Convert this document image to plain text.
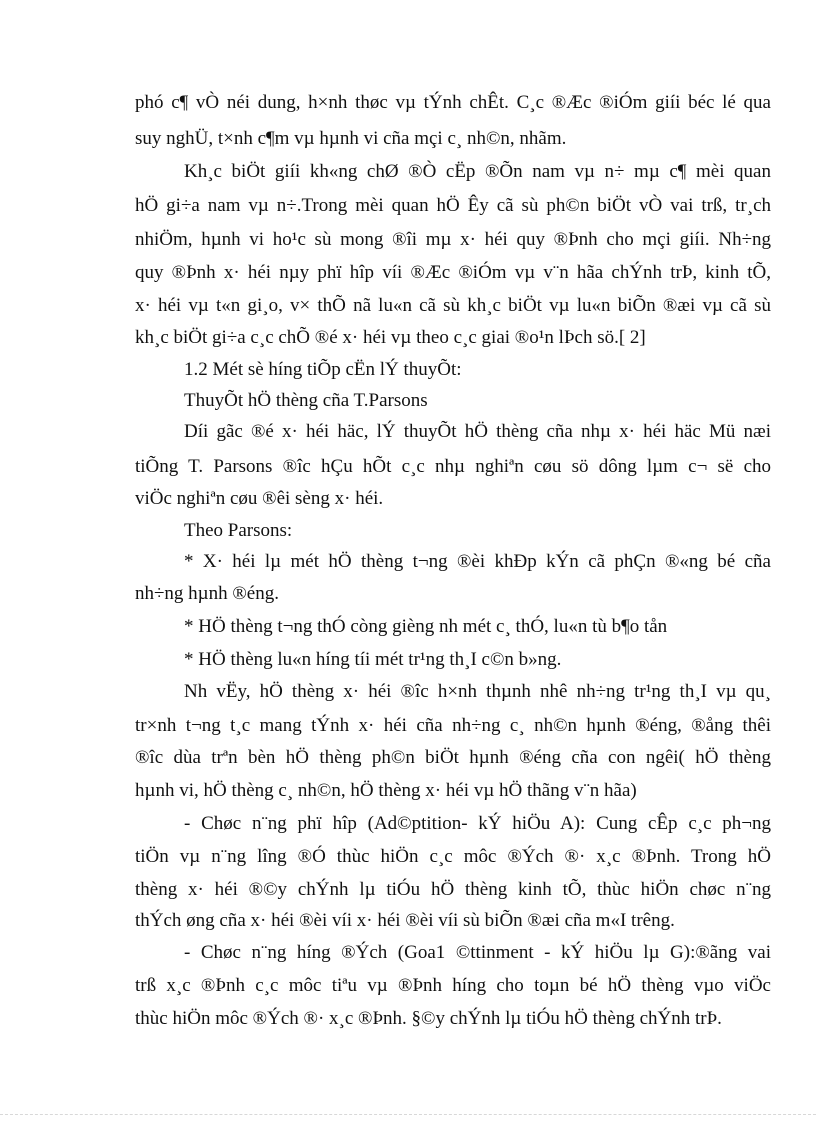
phó c¶ vÒ néi dung, h×nh thøc vµ tÝnh chÊt. C¸c ®Æc ®iÓm giíi béc lé qua
suy nghÜ, t×nh c¶m vµ hµnh vi cña mçi c¸ nh©n, nhãm.
Kh¸c biÖt giíi kh«ng chØ ®Ò cËp ®Õn nam vµ n÷ mµ c¶ mèi quan
hÖ gi÷a nam vµ n÷.Trong mèi quan hÖ Êy cã sù ph©n biÖt vÒ vai trß, tr¸ch
nhiÖm, hµnh vi ho¹c sù mong ®îi mµ x· héi quy ®Þnh cho mçi giíi. Nh÷ng
quy ®Þnh x· héi nµy phï hîp víi ®Æc ®iÓm vµ v¨n hãa chÝnh trÞ, kinh tÕ,
x· héi vµ t«n gi¸o, v× thÕ nã lu«n cã sù kh¸c biÖt vµ lu«n biÕn ®æi vµ cã sù
kh¸c biÖt gi÷a c¸c chÕ ®é x· héi vµ theo c¸c giai ®o¹n lÞch sö.[ 2]
1.2 Mét sè híng tiÕp cËn lÝ thuyÕt:
ThuyÕt hÖ thèng cña T.Parsons
Díi gãc ®é x· héi häc, lÝ thuyÕt hÖ thèng cña nhµ x· héi häc Mü næi
tiÕng T. Parsons ®îc hÇu hÕt c¸c nhµ nghiªn cøu sö dông lµm c¬ së cho
viÖc nghiªn cøu ®êi sèng x· héi.
Theo Parsons:
* X· héi lµ mét hÖ thèng t¬ng ®èi khÐp kÝn cã phÇn ®«ng bé cña
nh÷ng hµnh ®éng.
* HÖ thèng t¬ng thÓ còng gièng nh mét c¸ thÓ, lu«n tù b¶o tån
* HÖ thèng lu«n híng tíi mét tr¹ng th¸I c©n b»ng.
Nh vËy, hÖ thèng x· héi ®îc h×nh thµnh nhê nh÷ng tr¹ng th¸I vµ qu¸
tr×nh t¬ng t¸c mang tÝnh x· héi cña nh÷ng c¸ nh©n hµnh ®éng, ®ång thêi
®îc dùa trªn bèn hÖ thèng ph©n biÖt hµnh ®éng cña con ngêi( hÖ thèng
hµnh vi, hÖ thèng c¸ nh©n, hÖ thèng x· héi vµ hÖ thãng v¨n hãa)
- Chøc n¨ng phï hîp (Ad©ptition- kÝ hiÖu A): Cung cÊp c¸c ph¬ng
tiÖn vµ n¨ng lîng ®Ó thùc hiÖn c¸c môc ®Ých ®· x¸c ®Þnh. Trong hÖ
thèng x· héi ®©y chÝnh lµ tiÓu hÖ thèng kinh tÕ, thùc hiÖn chøc n¨ng
thÝch øng cña x· héi ®èi víi x· héi ®èi víi sù biÕn ®æi cña m«I trêng.
- Chøc n¨ng híng ®Ých (Goa1 ©ttinment - kÝ hiÖu lµ G):®ãng vai
trß x¸c ®Þnh c¸c môc tiªu vµ ®Þnh híng cho toµn bé hÖ thèng vµo viÖc
thùc hiÖn môc ®Ých ®· x¸c ®Þnh. §©y chÝnh lµ tiÓu hÖ thèng chÝnh trÞ.
